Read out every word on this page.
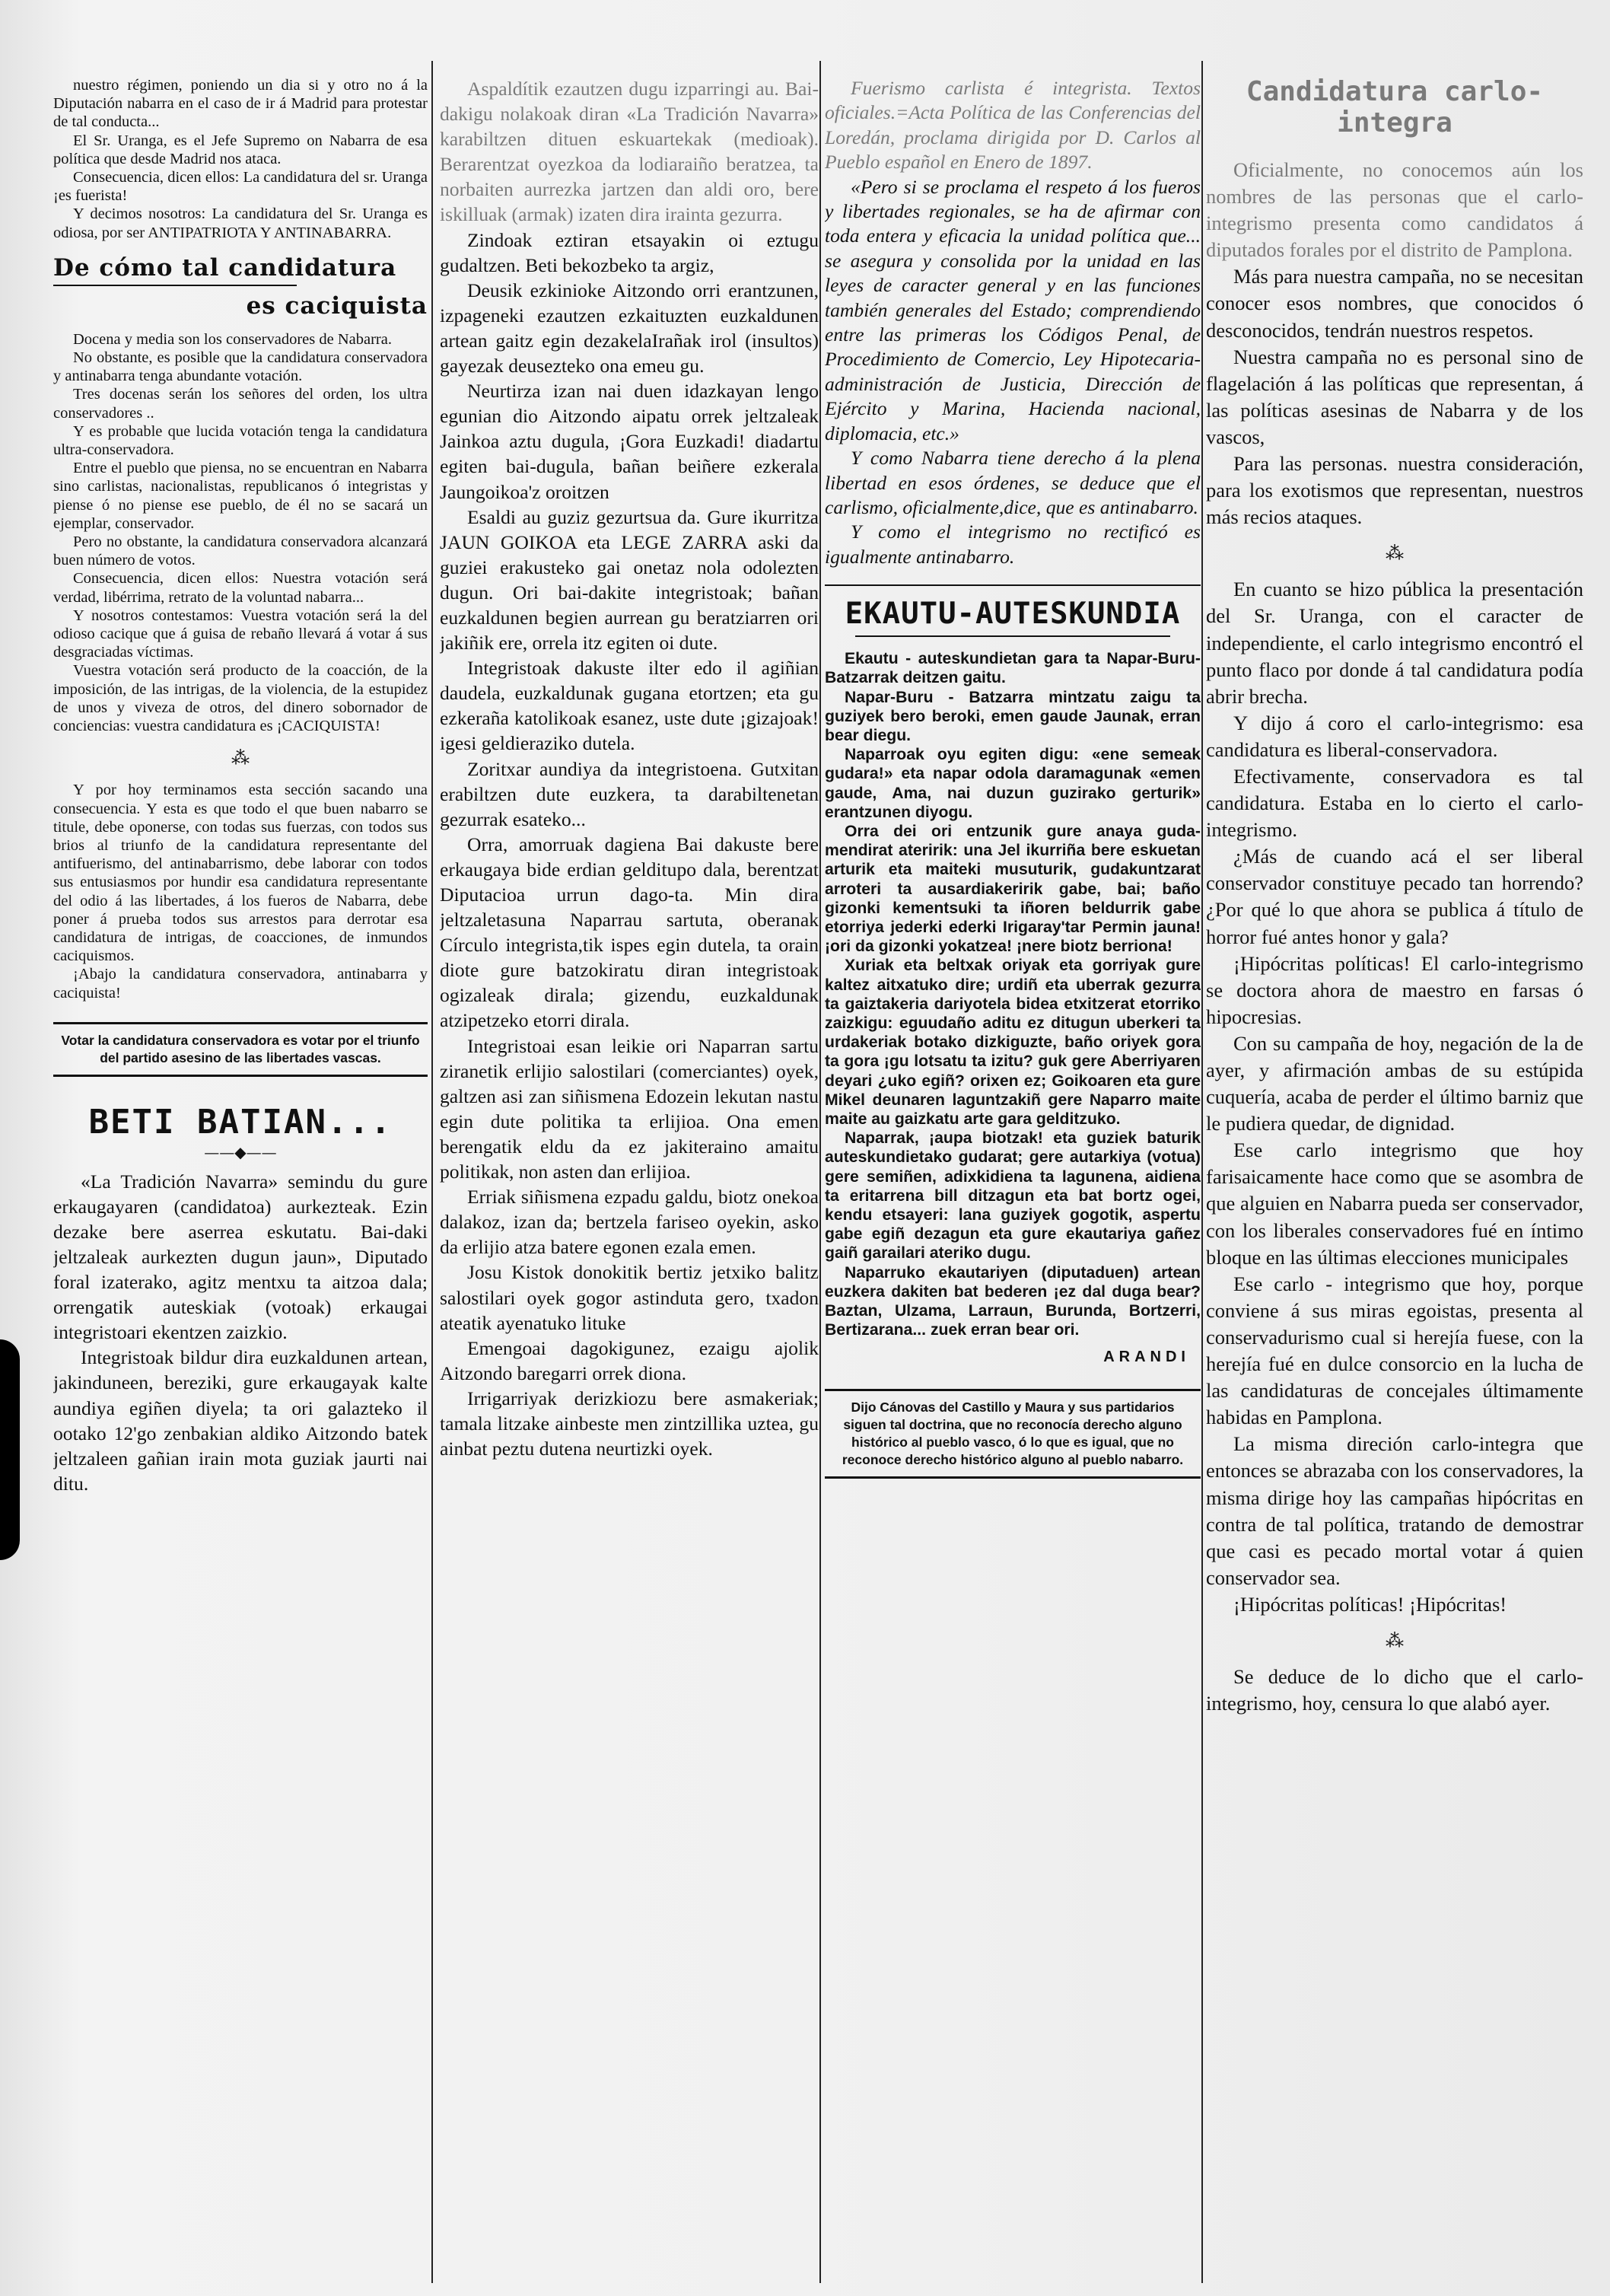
nuestro régimen, poniendo un dia si y otro no á la Diputación nabarra en el caso de ir á Madrid para protestar de tal conducta...

El Sr. Uranga, es el Jefe Supremo on Nabarra de esa política que desde Madrid nos ataca.

Consecuencia, dicen ellos: La candidatura del sr. Uranga ¡es fuerista!

Y decimos nosotros: La candidatura del Sr. Uranga es odiosa, por ser ANTIPATRIOTA Y ANTINABARRA.

De cómo tal candidatura
es caciquista

Docena y media son los conservadores de Nabarra.

No obstante, es posible que la candidatura conservadora y antinabarra tenga abundante votación.

Tres docenas serán los señores del orden, los ultra conservadores ..

Y es probable que lucida votación tenga la candidatura ultra-conservadora.

Entre el pueblo que piensa, no se encuentran en Nabarra sino carlistas, nacionalistas, republicanos ó integristas y piense ó no piense ese pueblo, de él no se sacará un ejemplar, conservador.

Pero no obstante, la candidatura conservadora alcanzará buen número de votos.

Consecuencia, dicen ellos: Nuestra votación será verdad, libérrima, retrato de la voluntad nabarra...

Y nosotros contestamos: Vuestra votación será la del odioso cacique que á guisa de rebaño llevará á votar á sus desgraciadas víctimas.

Vuestra votación será producto de la coacción, de la imposición, de las intrigas, de la violencia, de la estupidez de unos y viveza de otros, del dinero sobornador de conciencias: vuestra candidatura es ¡CACIQUISTA!

⁂

Y por hoy terminamos esta sección sacando una consecuencia. Y esta es que todo el que buen nabarro se titule, debe oponerse, con todas sus fuerzas, con todos sus brios al triunfo de la candidatura representante del antifuerismo, del antinabarrismo, debe laborar con todos sus entusiasmos por hundir esa candidatura representante del odio á las libertades, á los fueros de Nabarra, debe poner á prueba todos sus arrestos para derrotar esa candidatura de intrigas, de coacciones, de inmundos caciquismos.

¡Abajo la candidatura conservadora, antinabarra y caciquista!

Votar la candidatura conservadora es votar por el triunfo del partido asesino de las libertades vascas.
BETI BATIAN...
——◆——

«La Tradición Navarra» semindu du gure erkaugayaren (candidatoa) aurkezteak. Ezin dezake bere aserrea eskutatu. Bai-daki jeltzaleak aurkezten dugun jaun», Diputado foral izaterako, agitz mentxu ta aitzoa dala; orrengatik auteskiak (votoak) erkaugai integristoari ekentzen zaizkio.

Integristoak bildur dira euzkaldunen artean, jakinduneen, bereziki, gure erkaugayak kalte aundiya egiñen diyela; ta ori galazteko il ootako 12'go zenbakian aldiko Aitzondo batek jeltzaleen gañian irain mota guziak jaurti nai ditu.

Aspaldítik ezautzen dugu izparringi au. Bai-dakigu nolakoak diran «La Tradición Navarra» karabiltzen dituen eskuartekak (medioak). Berarentzat oyezkoa da lodiaraiño beratzea, ta norbaiten aurrezka jartzen dan aldi oro, bere iskilluak (armak) izaten dira irainta gezurra.

Zindoak eztiran etsayakin oi eztugu gudaltzen. Beti bekozbeko ta argiz,

Deusik ezkinioke Aitzondo orri erantzunen, izpageneki ezautzen ezkaituzten euzkaldunen artean gaitz egin dezakelaIrañak irol (insultos) gayezak deusezteko ona emeu gu.

Neurtirza izan nai duen idazkayan lengo egunian dio Aitzondo aipatu orrek jeltzaleak Jainkoa aztu dugula, ¡Gora Euzkadi! diadartu egiten bai-dugula, bañan beiñere ezkerala Jaungoikoa'z oroitzen

Esaldi au guziz gezurtsua da. Gure ikurritza JAUN GOIKOA eta LEGE ZARRA aski da guziei erakusteko gai onetaz nola odolezten dugun. Ori bai-dakite integristoak; bañan euzkaldunen begien aurrean gu beratziarren ori jakiñik ere, orrela itz egiten oi dute.

Integristoak dakuste ilter edo il agiñian daudela, euzkaldunak gugana etortzen; eta gu ezkeraña katolikoak esanez, uste dute ¡gizajoak! igesi geldieraziko dutela.

Zoritxar aundiya da integristoena. Gutxitan erabiltzen dute euzkera, ta darabiltenetan gezurrak esateko...

Orra, amorruak dagiena Bai dakuste bere erkaugaya bide erdian gelditupo dala, berentzat Diputacioa urrun dago-ta. Min dira jeltzaletasuna Naparrau sartuta, oberanak Círculo integrista,tik ispes egin dutela, ta orain diote gure batzokiratu diran integristoak ogizaleak dirala; gizendu, euzkaldunak atzipetzeko etorri dirala.

Integristoai esan leikie ori Naparran sartu ziranetik erlijio salostilari (comerciantes) oyek, galtzen asi zan siñismena Edozein lekutan nastu egin dute politika ta erlijioa. Ona emen berengatik eldu da ez jakiteraino amaitu politikak, non asten dan erlijioa.

Erriak siñismena ezpadu galdu, biotz onekoa dalakoz, izan da; bertzela fariseo oyekin, asko da erlijio atza batere egonen ezala emen.

Josu Kistok donokitik bertiz jetxiko balitz salostilari oyek gogor astinduta gero, txadon ateatik ayenatuko lituke

Emengoai dagokigunez, ezaigu ajolik Aitzondo baregarri orrek diona.

Irrigarriyak derizkiozu bere asmakeriak; tamala litzake ainbeste men zintzillika uztea, gu ainbat peztu dutena neurtizki oyek.

Fuerismo carlista é integrista. Textos oficiales.=Acta Política de las Conferencias del Loredán, proclama dirigida por D. Carlos al Pueblo español en Enero de 1897.

«Pero si se proclama el respeto á los fueros y libertades regionales, se ha de afirmar con toda entera y eficacia la unidad política que... se asegura y consolida por la unidad en las leyes de caracter general y en las funciones también generales del Estado; comprendiendo entre las primeras los Códigos Penal, de Procedimiento de Comercio, Ley Hipotecaria-administración de Justicia, Dirección de Ejército y Marina, Hacienda nacional, diplomacia, etc.»

Y como Nabarra tiene derecho á la plena libertad en esos órdenes, se deduce que el carlismo, oficialmente,dice, que es antinabarro.

Y como el integrismo no rectificó es igualmente antinabarro.

EKAUTU-AUTESKUNDIA

Ekautu - auteskundietan gara ta Napar-Buru-Batzarrak deitzen gaitu.

Napar-Buru - Batzarra mintzatu zaigu ta guziyek bero beroki, emen gaude Jaunak, erran bear diegu.

Naparroak oyu egiten digu: «ene semeak gudara!» eta napar odola daramagunak «emen gaude, Ama, nai duzun guzirako gerturik» erantzunen diyogu.

Orra dei ori entzunik gure anaya guda-mendirat ateririk: una Jel ikurriña bere eskuetan arturik eta maiteki musuturik, gudakuntzarat arroteri ta ausardiakeririk gabe, bai; baño gizonki kementsuki ta iñoren beldurrik gabe etorriya jederki ederki Irigaray'tar Permin jauna! ¡ori da gizonki yokatzea! ¡nere biotz berriona!

Xuriak eta beltxak oriyak eta gorriyak gure kaltez aitxatuko dire; urdiñ eta uberrak gezurra ta gaiztakeria dariyotela bidea etxitzerat etorriko zaizkigu: eguudaño aditu ez ditugun uberkeri ta urdakeriak botako dizkiguzte, baño oriyek gora ta gora ¡gu lotsatu ta izitu? guk gere Aberriyaren deyari ¿uko egiñ? orixen ez; Goikoaren eta gure Mikel deunaren laguntzakiñ gere Naparro maite maite au gaizkatu arte gara gelditzuko.

Naparrak, ¡aupa biotzak! eta guziek baturik auteskundietako gudarat; gere autarkiya (votua) gere semiñen, adixkidiena ta lagunena, aidiena ta eritarrena bill ditzagun eta bat bortz ogei, kendu etsayeri: lana guziyek gogotik, aspertu gabe egiñ dezagun eta gure ekautariya gañez gaiñ garailari ateriko dugu.

Naparruko ekautariyen (diputaduen) artean euzkera dakiten bat bederen ¡ez dal duga bear? Baztan, Ulzama, Larraun, Burunda, Bortzerri, Bertizarana... zuek erran bear ori.

ARANDI
Dijo Cánovas del Castillo y Maura y sus partidarios siguen tal doctrina, que no reconocía derecho alguno histórico al pueblo vasco, ó lo que es igual, que no reconoce derecho histórico alguno al pueblo nabarro.
Candidatura carlo-integra

Oficialmente, no conocemos aún los nombres de las personas que el carlo-integrismo presenta como candidatos á diputados forales por el distrito de Pamplona.

Más para nuestra campaña, no se necesitan conocer esos nombres, que conocidos ó desconocidos, tendrán nuestros respetos.

Nuestra campaña no es personal sino de flagelación á las políticas que representan, á las políticas asesinas de Nabarra y de los vascos,

Para las personas. nuestra consideración, para los exotismos que representan, nuestros más recios ataques.

⁂

En cuanto se hizo pública la presentación del Sr. Uranga, con el caracter de independiente, el carlo integrismo encontró el punto flaco por donde á tal candidatura podía abrir brecha.

Y dijo á coro el carlo-integrismo: esa candidatura es liberal-conservadora.

Efectivamente, conservadora es tal candidatura. Estaba en lo cierto el carlo-integrismo.

¿Más de cuando acá el ser liberal conservador constituye pecado tan horrendo? ¿Por qué lo que ahora se publica á título de horror fué antes honor y gala?

¡Hipócritas políticas! El carlo-integrismo se doctora ahora de maestro en farsas ó hipocresias.

Con su campaña de hoy, negación de la de ayer, y afirmación ambas de su estúpida cuquería, acaba de perder el último barniz que le pudiera quedar, de dignidad.

Ese carlo integrismo que hoy farisaicamente hace como que se asombra de que alguien en Nabarra pueda ser conservador, con los liberales conservadores fué en íntimo bloque en las últimas elecciones municipales

Ese carlo - integrismo que hoy, porque conviene á sus miras egoistas, presenta al conservadurismo cual si herejía fuese, con la herejía fué en dulce consorcio en la lucha de las candidaturas de concejales últimamente habidas en Pamplona.

La misma direción carlo-integra que entonces se abrazaba con los conservadores, la misma dirige hoy las campañas hipócritas en contra de tal política, tratando de demostrar que casi es pecado mortal votar á quien conservador sea.

¡Hipócritas políticas! ¡Hipócritas!

⁂

Se deduce de lo dicho que el carlo-integrismo, hoy, censura lo que alabó ayer.
